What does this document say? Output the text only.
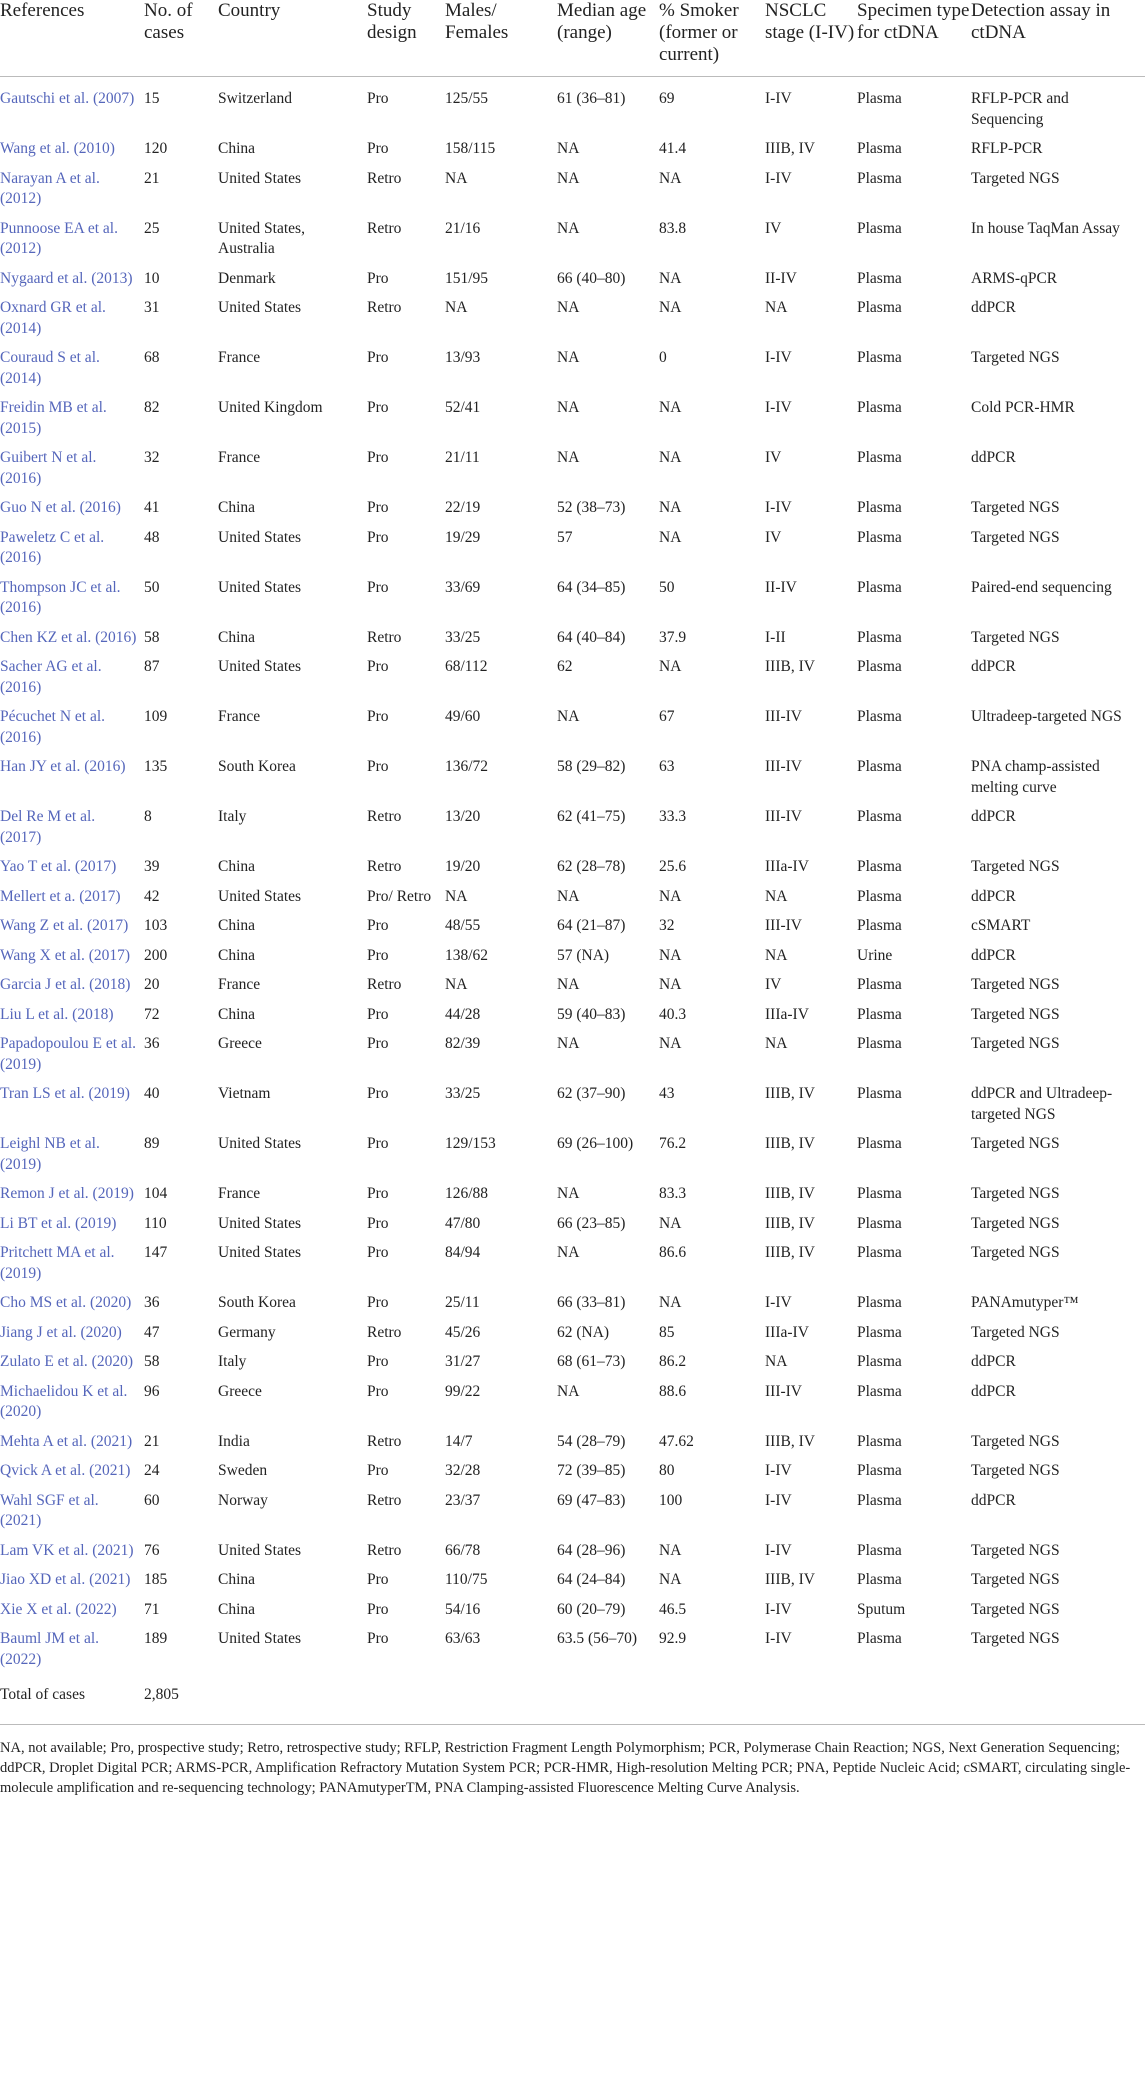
References	No. of cases	Country	Study design	Males/ Females	Median age (range)	% Smoker (former or current)	NSCLC stage (I-IV)	Specimen type for ctDNA	Detection assay in ctDNA
Gautschi et al. (2007)	15	Switzerland	Pro	125/55	61 (36–81)	69	I-IV	Plasma	RFLP-PCR and Sequencing
Wang et al. (2010)	120	China	Pro	158/115	NA	41.4	IIIB, IV	Plasma	RFLP-PCR
Narayan A et al. (2012)	21	United States	Retro	NA	NA	NA	I-IV	Plasma	Targeted NGS
Punnoose EA et al. (2012)	25	United States, Australia	Retro	21/16	NA	83.8	IV	Plasma	In house TaqMan Assay
Nygaard et al. (2013)	10	Denmark	Pro	151/95	66 (40–80)	NA	II-IV	Plasma	ARMS-qPCR
Oxnard GR et al. (2014)	31	United States	Retro	NA	NA	NA	NA	Plasma	ddPCR
Couraud S et al. (2014)	68	France	Pro	13/93	NA	0	I-IV	Plasma	Targeted NGS
Freidin MB et al. (2015)	82	United Kingdom	Pro	52/41	NA	NA	I-IV	Plasma	Cold PCR-HMR
Guibert N et al. (2016)	32	France	Pro	21/11	NA	NA	IV	Plasma	ddPCR
Guo N et al. (2016)	41	China	Pro	22/19	52 (38–73)	NA	I-IV	Plasma	Targeted NGS
Paweletz C et al. (2016)	48	United States	Pro	19/29	57	NA	IV	Plasma	Targeted NGS
Thompson JC et al. (2016)	50	United States	Pro	33/69	64 (34–85)	50	II-IV	Plasma	Paired-end sequencing
Chen KZ et al. (2016)	58	China	Retro	33/25	64 (40–84)	37.9	I-II	Plasma	Targeted NGS
Sacher AG et al. (2016)	87	United States	Pro	68/112	62	NA	IIIB, IV	Plasma	ddPCR
Pécuchet N et al. (2016)	109	France	Pro	49/60	NA	67	III-IV	Plasma	Ultradeep-targeted NGS
Han JY et al. (2016)	135	South Korea	Pro	136/72	58 (29–82)	63	III-IV	Plasma	PNA champ-assisted melting curve
Del Re M et al. (2017)	8	Italy	Retro	13/20	62 (41–75)	33.3	III-IV	Plasma	ddPCR
Yao T et al. (2017)	39	China	Retro	19/20	62 (28–78)	25.6	IIIa-IV	Plasma	Targeted NGS
Mellert et a. (2017)	42	United States	Pro/ Retro	NA	NA	NA	NA	Plasma	ddPCR
Wang Z et al. (2017)	103	China	Pro	48/55	64 (21–87)	32	III-IV	Plasma	cSMART
Wang X et al. (2017)	200	China	Pro	138/62	57 (NA)	NA	NA	Urine	ddPCR
Garcia J et al. (2018)	20	France	Retro	NA	NA	NA	IV	Plasma	Targeted NGS
Liu L et al. (2018)	72	China	Pro	44/28	59 (40–83)	40.3	IIIa-IV	Plasma	Targeted NGS
Papadopoulou E et al. (2019)	36	Greece	Pro	82/39	NA	NA	NA	Plasma	Targeted NGS
Tran LS et al. (2019)	40	Vietnam	Pro	33/25	62 (37–90)	43	IIIB, IV	Plasma	ddPCR and Ultradeep-targeted NGS
Leighl NB et al. (2019)	89	United States	Pro	129/153	69 (26–100)	76.2	IIIB, IV	Plasma	Targeted NGS
Remon J et al. (2019)	104	France	Pro	126/88	NA	83.3	IIIB, IV	Plasma	Targeted NGS
Li BT et al. (2019)	110	United States	Pro	47/80	66 (23–85)	NA	IIIB, IV	Plasma	Targeted NGS
Pritchett MA et al. (2019)	147	United States	Pro	84/94	NA	86.6	IIIB, IV	Plasma	Targeted NGS
Cho MS et al. (2020)	36	South Korea	Pro	25/11	66 (33–81)	NA	I-IV	Plasma	PANAmutyper™
Jiang J et al. (2020)	47	Germany	Retro	45/26	62 (NA)	85	IIIa-IV	Plasma	Targeted NGS
Zulato E et al. (2020)	58	Italy	Pro	31/27	68 (61–73)	86.2	NA	Plasma	ddPCR
Michaelidou K et al. (2020)	96	Greece	Pro	99/22	NA	88.6	III-IV	Plasma	ddPCR
Mehta A et al. (2021)	21	India	Retro	14/7	54 (28–79)	47.62	IIIB, IV	Plasma	Targeted NGS
Qvick A et al. (2021)	24	Sweden	Pro	32/28	72 (39–85)	80	I-IV	Plasma	Targeted NGS
Wahl SGF et al. (2021)	60	Norway	Retro	23/37	69 (47–83)	100	I-IV	Plasma	ddPCR
Lam VK et al. (2021)	76	United States	Retro	66/78	64 (28–96)	NA	I-IV	Plasma	Targeted NGS
Jiao XD et al. (2021)	185	China	Pro	110/75	64 (24–84)	NA	IIIB, IV	Plasma	Targeted NGS
Xie X et al. (2022)	71	China	Pro	54/16	60 (20–79)	46.5	I-IV	Sputum	Targeted NGS
Bauml JM et al. (2022)	189	United States	Pro	63/63	63.5 (56–70)	92.9	I-IV	Plasma	Targeted NGS
Total of cases	2,805								
NA, not available; Pro, prospective study; Retro, retrospective study; RFLP, Restriction Fragment Length Polymorphism; PCR, Polymerase Chain Reaction; NGS, Next Generation Sequencing; ddPCR, Droplet Digital PCR; ARMS-PCR, Amplification Refractory Mutation System PCR; PCR-HMR, High-resolution Melting PCR; PNA, Peptide Nucleic Acid; cSMART, circulating single-molecule amplification and re-sequencing technology; PANAmutyperTM, PNA Clamping-assisted Fluorescence Melting Curve Analysis.
